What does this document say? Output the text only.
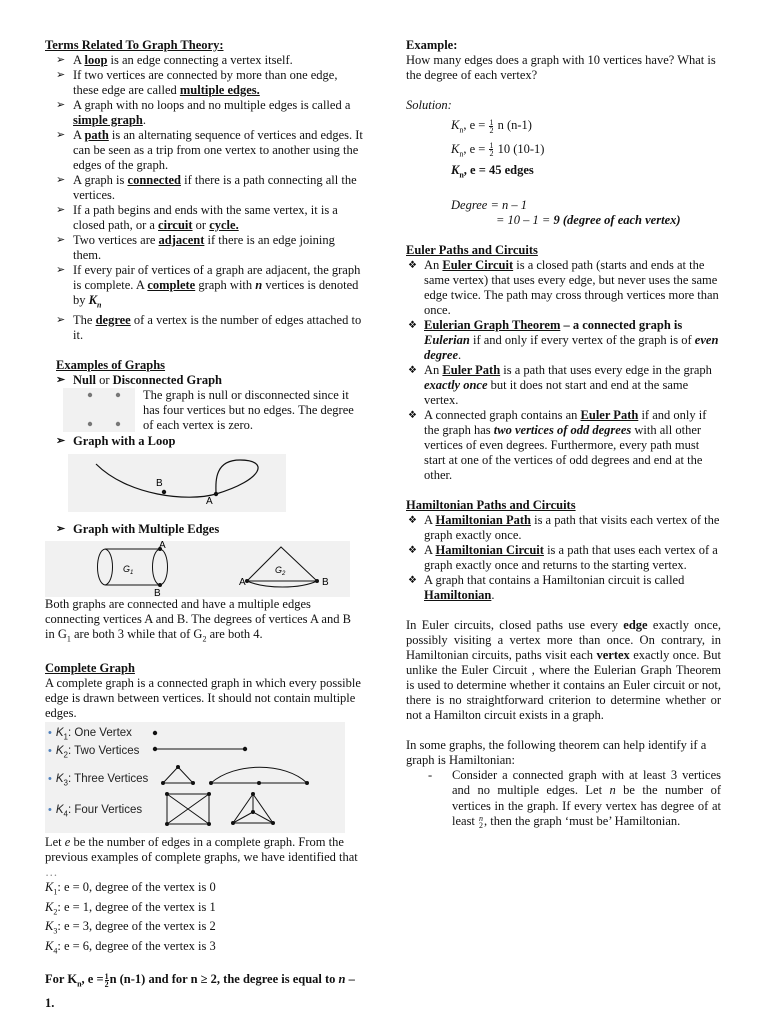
Terms Related To Graph Theory:

➢ A loop is an edge connecting a vertex itself.
➢ If two vertices are connected by more than one edge, these edge are called multiple edges.
➢ A graph with no loops and no multiple edges is called a simple graph.
➢ A path is an alternating sequence of vertices and edges. It can be seen as a trip from one vertex to another using the edges of the graph.
➢ A graph is connected if there is a path connecting all the vertices.
➢ If a path begins and ends with the same vertex, it is a closed path, or a circuit or cycle.
➢ Two vertices are adjacent if there is an edge joining them.
➢ If every pair of vertices of a graph are adjacent, the graph is complete. A complete graph with n vertices is denoted by $K_n$
➢ The degree of a vertex is the number of edges attached to it.

Examples of Graphs

➢ Null or Disconnected Graph
The graph is null or disconnected since it has four vertices but no edges. The degree of each vertex is zero.
➢ Graph with a Loop
B
A
➢ Graph with Multiple Edges
G 1
A
B
G 2
A	B

Both graphs are connected and have a multiple edges connecting vertices A and B. The degrees of vertices A and B in $G_1$ are both 3 while that of $G_2$ are both 4.

Complete Graph

A complete graph is a connected graph in which every possible edge is drawn between vertices. It should not contain multiple edges.

• $K_1$: One Vertex
• $K_2$: Two Vertices
• $K_3$: Three Vertices
• $K_4$: Four Vertices

Let e be the number of edges in a complete graph. From the previous examples of complete graphs, we have identified that …

$K_1$: e = 0, degree of the vertex is 0

$K_2$: e = 1, degree of the vertex is 1

$K_3$: e = 3, degree of the vertex is 2

$K_4$: e = 6, degree of the vertex is 3

For $K_n$, $e = \frac{1}{2}$ n (n-1) and for n ≥ 2, the degree is equal to n – 1.

Example:

How many edges does a graph with 10 vertices have? What is the degree of each vertex?

Solution:

$K_n$, $e = \frac{1}{2}$ n (n-1)

$K_n$, $e = \frac{1}{2} 10$ (10-1)

$K_n$, e = 45 edges

Degree = n – 1

= 10 – 1 = 9 (degree of each vertex)

Euler Paths and Circuits

❖ An Euler Circuit is a closed path (starts and ends at the same vertex) that uses every edge, but never uses the same edge twice. The path may cross through vertices more than once.
❖ Eulerian Graph Theorem – a connected graph is Eulerian if and only if every vertex of the graph is of even degree.
❖ An Euler Path is a path that uses every edge in the graph exactly once but it does not start and end at the same vertex.
❖ A connected graph contains an Euler Path if and only if the graph has two vertices of odd degrees with all other vertices of even degrees. Furthermore, every path must start at one of the vertices of odd degrees and end at the other.

Hamiltonian Paths and Circuits

❖ A Hamiltonian Path is a path that visits each vertex of the graph exactly once.
❖ A Hamiltonian Circuit is a path that uses each vertex of a graph exactly once and returns to the starting vertex.
❖ A graph that contains a Hamiltonian circuit is called Hamiltonian.

In Euler circuits, closed paths use every edge exactly once, possibly visiting a vertex more than once. On contrary, in Hamiltonian circuits, paths visit each vertex exactly once. But unlike the Euler Circuit , where the Eulerian Graph Theorem is used to determine whether it contains an Euler circuit or not, there is no straightforward criterion to determine whether or not a Hamilton circuit exists in a graph.

In some graphs, the following theorem can help identify if a graph is Hamiltonian:

- Consider a connected graph with at least 3 vertices and no multiple edges. Let n be the number of vertices in the graph. If every vertex has degree of at least n
2 , then the graph ‘must be’ Hamiltonian.
